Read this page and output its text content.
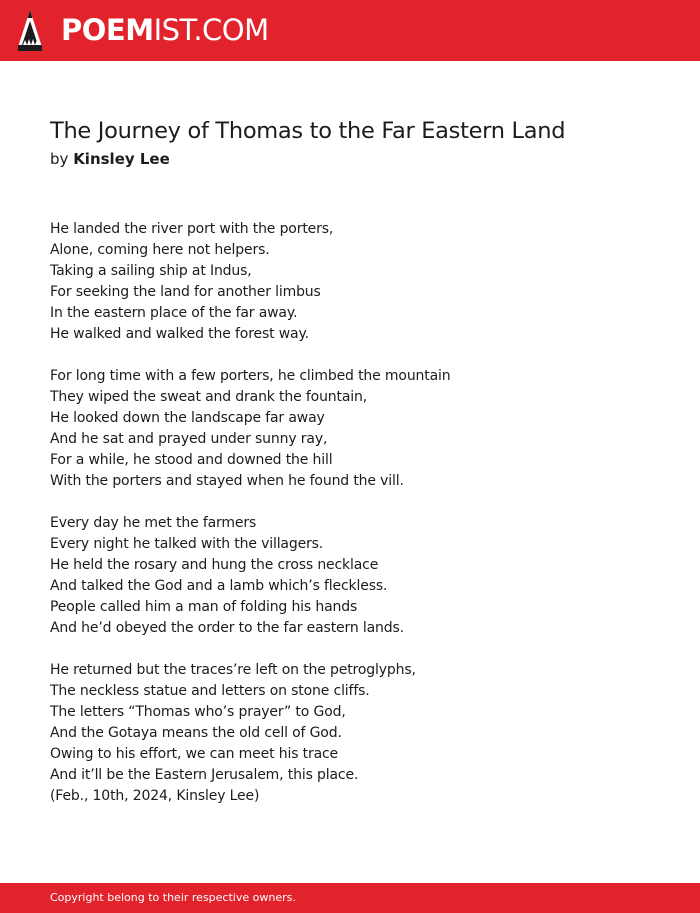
POEMIST.COM
The Journey of Thomas to the Far Eastern Land
by Kinsley Lee
He landed the river port with the porters,
Alone, coming here not helpers.
Taking a sailing ship at Indus,
For seeking the land for another limbus
In the eastern place of the far away.
He walked and walked the forest way.
For long time with a few porters, he climbed the mountain
They wiped the sweat and drank the fountain,
He looked down the landscape far away
And he sat and prayed under sunny ray,
For a while, he stood and downed the hill
With the porters and stayed when he found the vill.
Every day he met the farmers
Every night he talked with the villagers.
He held the rosary and hung the cross necklace
And talked the God and a lamb which’s fleckless.
People called him a man of folding his hands
And he’d obeyed the order to the far eastern lands.
He returned but the traces’re left on the petroglyphs,
The neckless statue and letters on stone cliffs.
The letters “Thomas who’s prayer” to God,
And the Gotaya means the old cell of God.
Owing to his effort, we can meet his trace
And it’ll be the Eastern Jerusalem, this place.
(Feb., 10th, 2024, Kinsley Lee)
Copyright belong to their respective owners.
